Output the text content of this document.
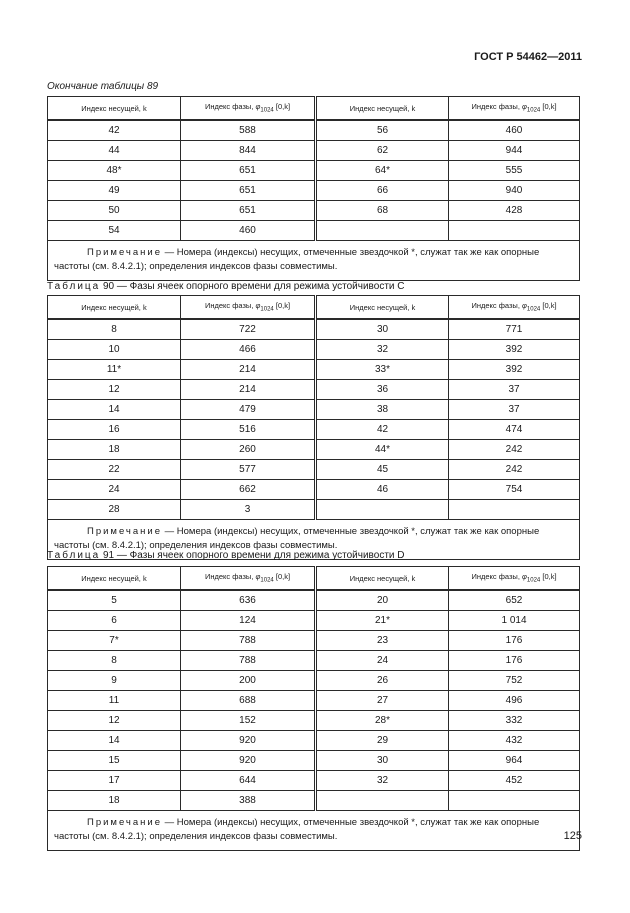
ГОСТ Р 54462—2011
Окончание таблицы 89
Индекс несущей, k	Индекс фазы, $\varphi_{1024}$ [0,k]	Индекс несущей, k	Индекс фазы, $\varphi_{1024}$ [0,k]
42	588	56	460
44	844	62	944
48*	651	64*	555
49	651	66	940
50	651	68	428
54	460		
Примечание — Номера (индексы) несущих, отмеченные звездочкой *, служат так же как опорные частоты (см. 8.4.2.1); определения индексов фазы совместимы.			
Таблица 90 — Фазы ячеек опорного времени для режима устойчивости С
Индекс несущей, k	Индекс фазы, $\varphi_{1024}$ [0,k]	Индекс несущей, k	Индекс фазы, $\varphi_{1024}$ [0,k]
8	722	30	771
10	466	32	392
11*	214	33*	392
12	214	36	37
14	479	38	37
16	516	42	474
18	260	44*	242
22	577	45	242
24	662	46	754
28	3		
Примечание — Номера (индексы) несущих, отмеченные звездочкой *, служат так же как опорные частоты (см. 8.4.2.1); определения индексов фазы совместимы.			
Таблица 91 — Фазы ячеек опорного времени для режима устойчивости D
Индекс несущей, k	Индекс фазы, $\varphi_{1024}$ [0,k]	Индекс несущей, k	Индекс фазы, $\varphi_{1024}$ [0,k]
5	636	20	652
6	124	21*	1 014
7*	788	23	176
8	788	24	176
9	200	26	752
11	688	27	496
12	152	28*	332
14	920	29	432
15	920	30	964
17	644	32	452
18	388		
Примечание — Номера (индексы) несущих, отмеченные звездочкой *, служат так же как опорные частоты (см. 8.4.2.1); определения индексов фазы совместимы.				125
